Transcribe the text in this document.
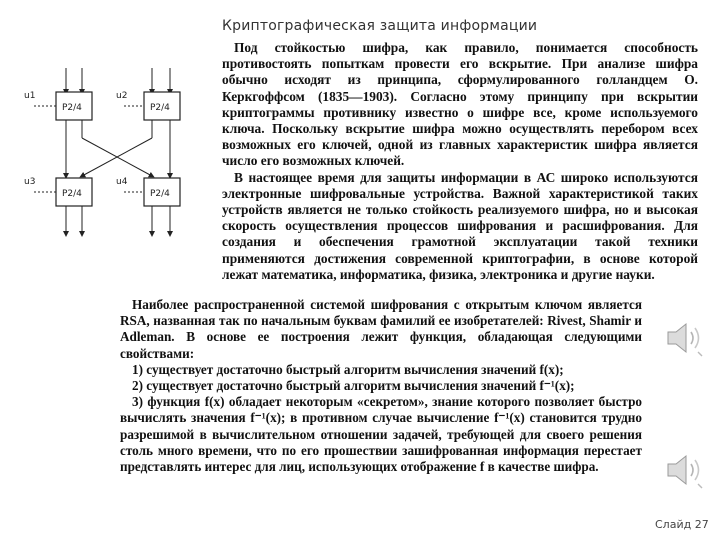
Криптографическая защита информации
u1	u2
u3	u4
P2/4	P2/4
P2/4	P2/4

Под стойкостью шифра, как правило, понимается способность противостоять попыткам провести его вскрытие. При анализе шифра обычно исходят из принципа, сформулированного голландцем О. Керкгоффсом (1835—1903). Согласно этому принципу при вскрытии криптограммы противнику известно о шифре все, кроме используемого ключа. Поскольку вскрытие шифра можно осуществлять перебором всех возможных его ключей, одной из главных характеристик шифра является число его возможных ключей.

В настоящее время для защиты информации в АС широко используются электронные шифровальные устройства. Важной характеристикой таких устройств является не только стойкость реализуемого шифра, но и высокая скорость осуществления процессов шифрования и расшифрования. Для создания и обеспечения грамотной эксплуатации такой техники применяются достижения современной криптографии, в основе которой лежат математика, информатика, физика, электроника и другие науки.

Наиболее распространенной системой шифрования с открытым ключом является RSA, названная так по начальным буквам фамилий ее изобретателей: Rivest, Shamir и Adleman. В основе ее построения лежит функция, обладающая следующими свойствами:

1) существует достаточно быстрый алгоритм вычисления значений f(x);

2) существует достаточно быстрый алгоритм вычисления значений f⁻¹(x);

3) функция f(x) обладает некоторым «секретом», знание которого позволяет быстро вычислять значения f⁻¹(x); в противном случае вычисление f⁻¹(x) становится трудно разрешимой в вычислительном отношении задачей, требующей для своего решения столь много времени, что по его прошествии зашифрованная информация перестает представлять интерес для лиц, использующих отображение f в качестве шифра.

Слайд 27
